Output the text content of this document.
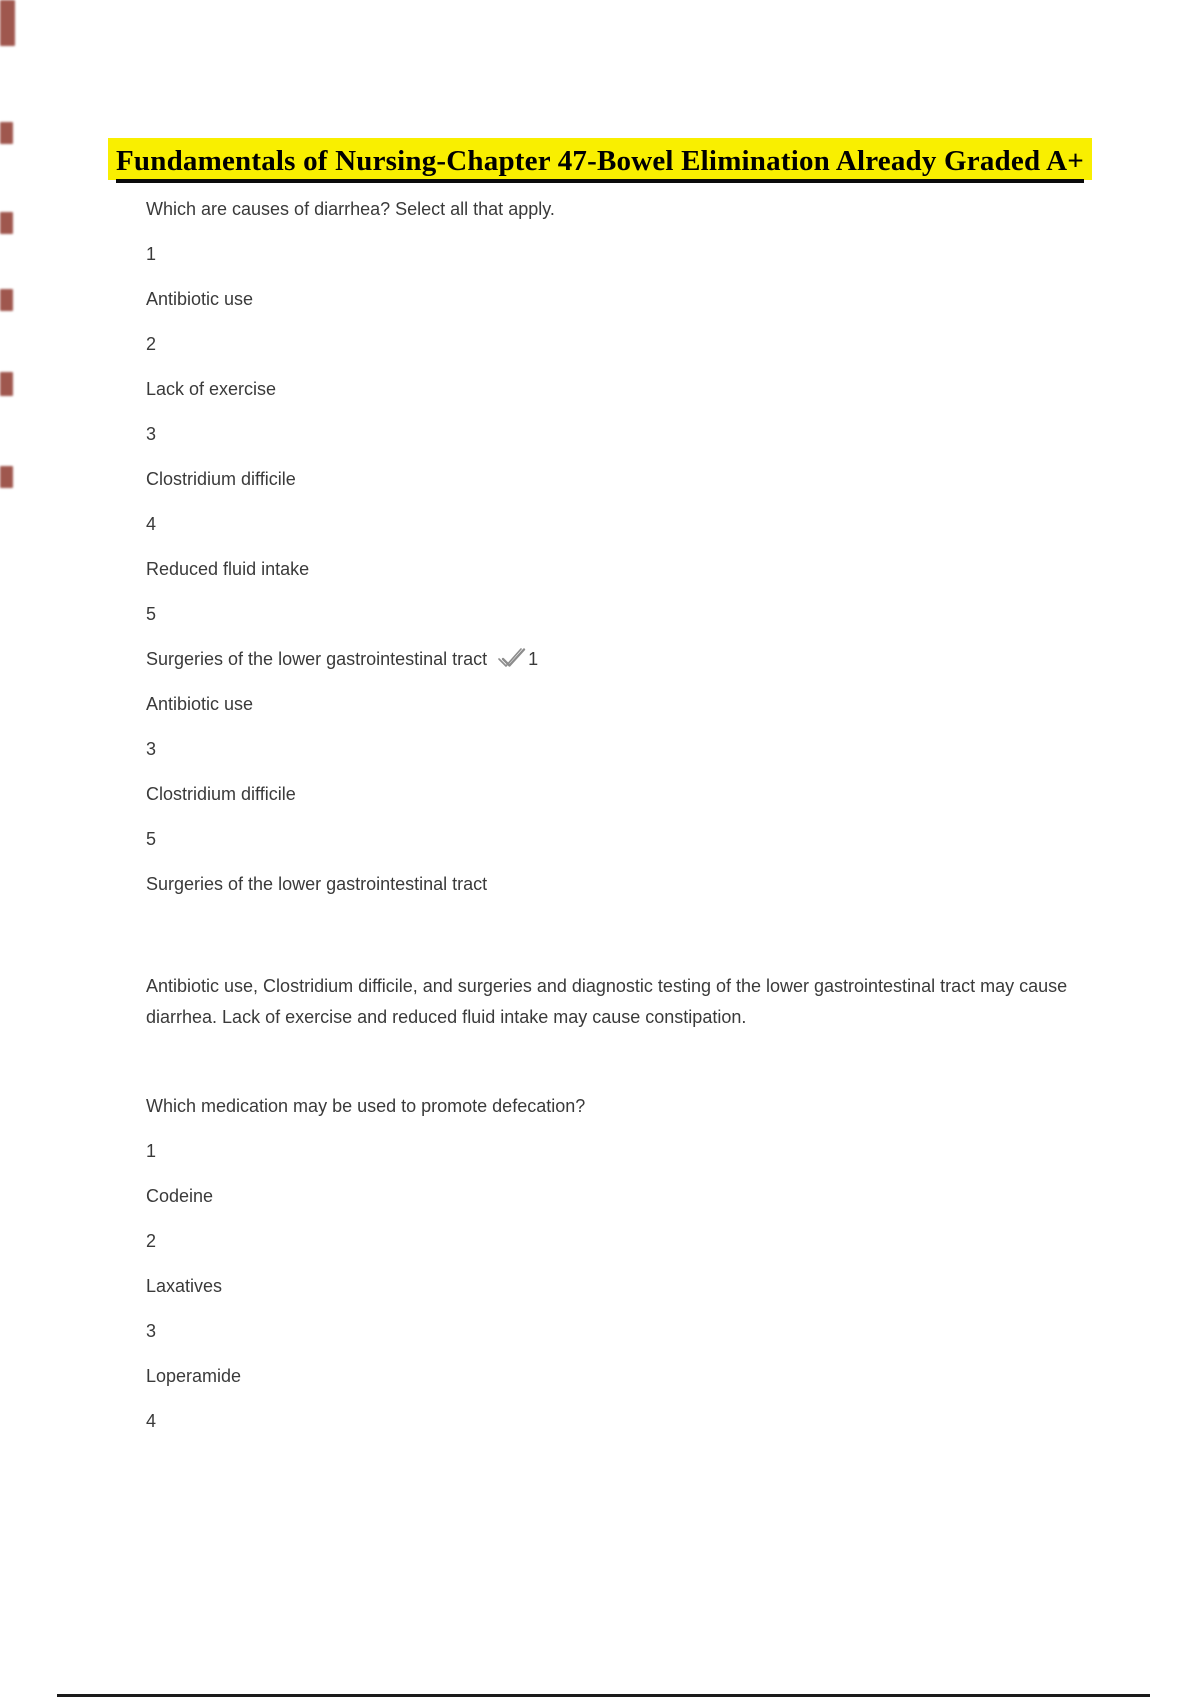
Fundamentals of Nursing-Chapter 47-Bowel Elimination Already Graded A+

Which are causes of diarrhea? Select all that apply.

1

Antibiotic use

2

Lack of exercise

3

Clostridium difficile

4

Reduced fluid intake

5

Surgeries of the lower gastrointestinal tract 1

Antibiotic use

3

Clostridium difficile

5

Surgeries of the lower gastrointestinal tract

Antibiotic use, Clostridium difficile, and surgeries and diagnostic testing of the lower gastrointestinal tract may cause diarrhea. Lack of exercise and reduced fluid intake may cause constipation.

Which medication may be used to promote defecation?

1

Codeine

2

Laxatives

3

Loperamide

4
